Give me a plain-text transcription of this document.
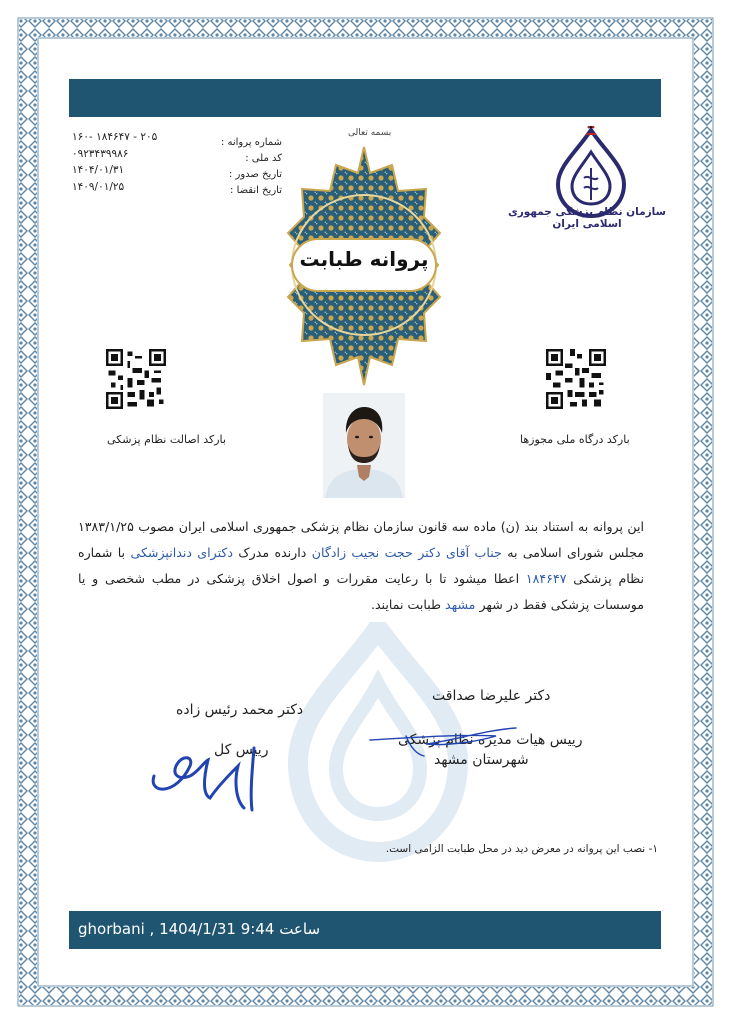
شماره پروانه :
کد ملی :
تاریخ صدور :
تاریخ انقضا :
۲۰۵ - ۱۸۴۶۴۷ -۱۶۰
۰۹۲۳۴۳۹۹۸۶
۱۴۰۴/۰۱/۳۱
۱۴۰۹/۰۱/۲۵
بسمه تعالی
پروانه طبابت
سازمان نظام پزشکی جمهوری اسلامی ایران
بارکد اصالت نظام پزشکی	بارکد درگاه ملی مجوزها
این پروانه به استناد بند (ن) ماده سه قانون سازمان نظام پزشکی جمهوری اسلامی ایران مصوب ۱۳۸۳/۱/۲۵ مجلس شورای اسلامی به جناب آقای دکتر حجت نجیب زادگان دارنده مدرک دکترای دندانپزشکی با شماره نظام پزشکی ۱۸۴۶۴۷ اعطا میشود تا با رعایت مقررات و اصول اخلاق پزشکی در مطب شخصی و یا موسسات پزشکی فقط در شهر مشهد طبابت نمایند.
دکتر محمد رئیس زاده
رییس کل
دکتر علیرضا صداقت
رییس هیات مدیره نظام پزشکی
شهرستان مشهد
۱- نصب این پروانه در معرض دید در محل طبابت الزامی است.
ghorbani , 1404/1/31 9:44 ساعت
